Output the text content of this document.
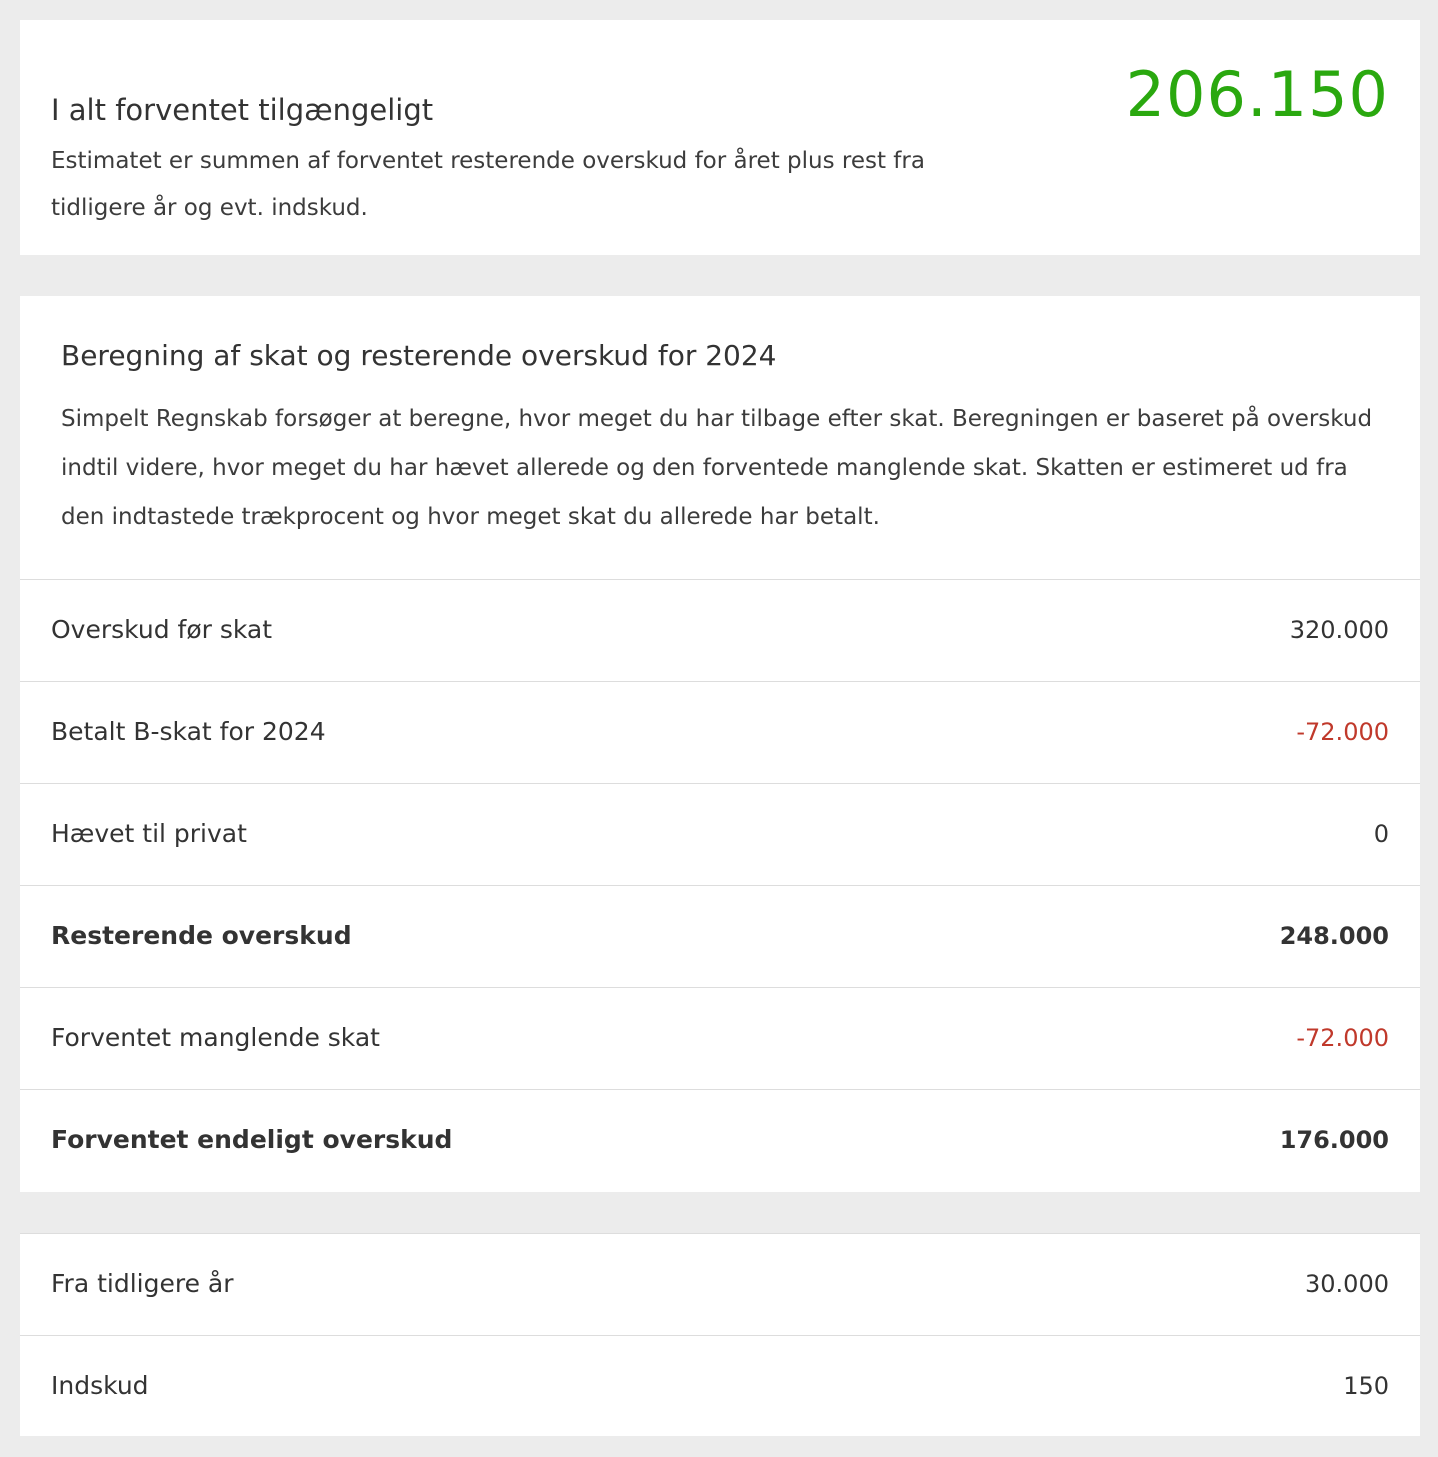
I alt forventet tilgængeligt

Estimatet er summen af forventet resterende overskud for året plus rest fra tidligere år og evt. indskud.

206.150
Beregning af skat og resterende overskud for 2024

Simpelt Regnskab forsøger at beregne, hvor meget du har tilbage efter skat. Beregningen er baseret på overskud indtil videre, hvor meget du har hævet allerede og den forventede manglende skat. Skatten er estimeret ud fra den indtastede trækprocent og hvor meget skat du allerede har betalt.

Overskud før skat	320.000
Betalt B-skat for 2024	-72.000
Hævet til privat	0
Resterende overskud	248.000
Forventet manglende skat	-72.000
Forventet endeligt overskud	176.000
Fra tidligere år	30.000
Indskud	150
